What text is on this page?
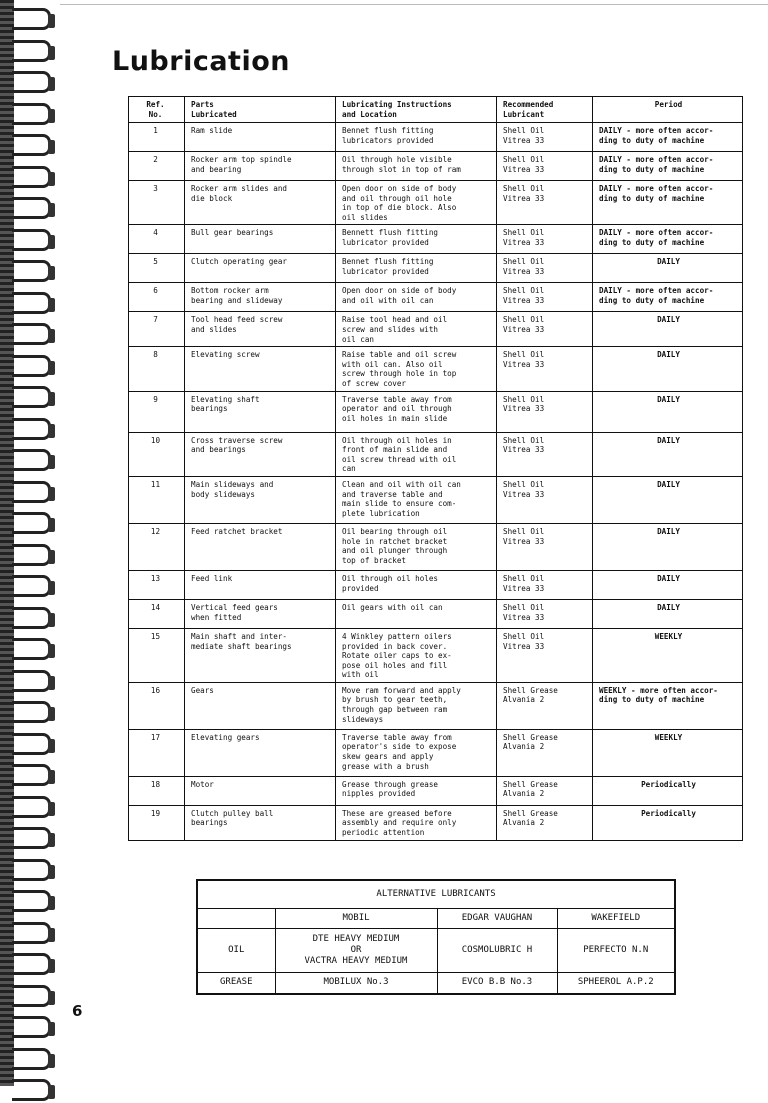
Lubrication
Ref.
No.	Parts
Lubricated	Lubricating Instructions
and Location	Recommended
Lubricant	Period
1	Ram slide	Bennet flush fitting
lubricators provided	Shell Oil
Vitrea 33	DAILY - more often accor-
ding to duty of machine
2	Rocker arm top spindle
and bearing	Oil through hole visible
through slot in top of ram	Shell Oil
Vitrea 33	DAILY - more often accor-
ding to duty of machine
3	Rocker arm slides and
die block	Open door on side of body
and oil through oil hole
in top of die block. Also
oil slides	Shell Oil
Vitrea 33	DAILY - more often accor-
ding to duty of machine
4	Bull gear bearings	Bennett flush fitting
lubricator provided	Shell Oil
Vitrea 33	DAILY - more often accor-
ding to duty of machine
5	Clutch operating gear	Bennet flush fitting
lubricator provided	Shell Oil
Vitrea 33	DAILY
6	Bottom rocker arm
bearing and slideway	Open door on side of body
and oil with oil can	Shell Oil
Vitrea 33	DAILY - more often accor-
ding to duty of machine
7	Tool head feed screw
and slides	Raise tool head and oil
screw and slides with
oil can	Shell Oil
Vitrea 33	DAILY
8	Elevating screw	Raise table and oil screw
with oil can. Also oil
screw through hole in top
of screw cover	Shell Oil
Vitrea 33	DAILY
9	Elevating shaft
bearings	Traverse table away from
operator and oil through
oil holes in main slide	Shell Oil
Vitrea 33	DAILY
10	Cross traverse screw
and bearings	Oil through oil holes in
front of main slide and
oil screw thread with oil
can	Shell Oil
Vitrea 33	DAILY
11	Main slideways and
body slideways	Clean and oil with oil can
and traverse table and
main slide to ensure com-
plete lubrication	Shell Oil
Vitrea 33	DAILY
12	Feed ratchet bracket	Oil bearing through oil
hole in ratchet bracket
and oil plunger through
top of bracket	Shell Oil
Vitrea 33	DAILY
13	Feed link	Oil through oil holes
provided	Shell Oil
Vitrea 33	DAILY
14	Vertical feed gears
when fitted	Oil gears with oil can	Shell Oil
Vitrea 33	DAILY
15	Main shaft and inter-
mediate shaft bearings	4 Winkley pattern oilers
provided in back cover.
Rotate oiler caps to ex-
pose oil holes and fill
with oil	Shell Oil
Vitrea 33	WEEKLY
16	Gears	Move ram forward and apply
by brush to gear teeth,
through gap between ram
slideways	Shell Grease
Alvania 2	WEEKLY - more often accor-
ding to duty of machine
17	Elevating gears	Traverse table away from
operator's side to expose
skew gears and apply
grease with a brush	Shell Grease
Alvania 2	WEEKLY
18	Motor	Grease through grease
nipples provided	Shell Grease
Alvania 2	Periodically
19	Clutch pulley ball
bearings	These are greased before
assembly and require only
periodic attention	Shell Grease
Alvania 2	Periodically
ALTERNATIVE LUBRICANTS			
	MOBIL	EDGAR VAUGHAN	WAKEFIELD
OIL	DTE HEAVY MEDIUM
OR
VACTRA HEAVY MEDIUM	COSMOLUBRIC H	PERFECTO N.N
GREASE	MOBILUX No.3	EVCO B.B No.3	SPHEEROL A.P.2
6
